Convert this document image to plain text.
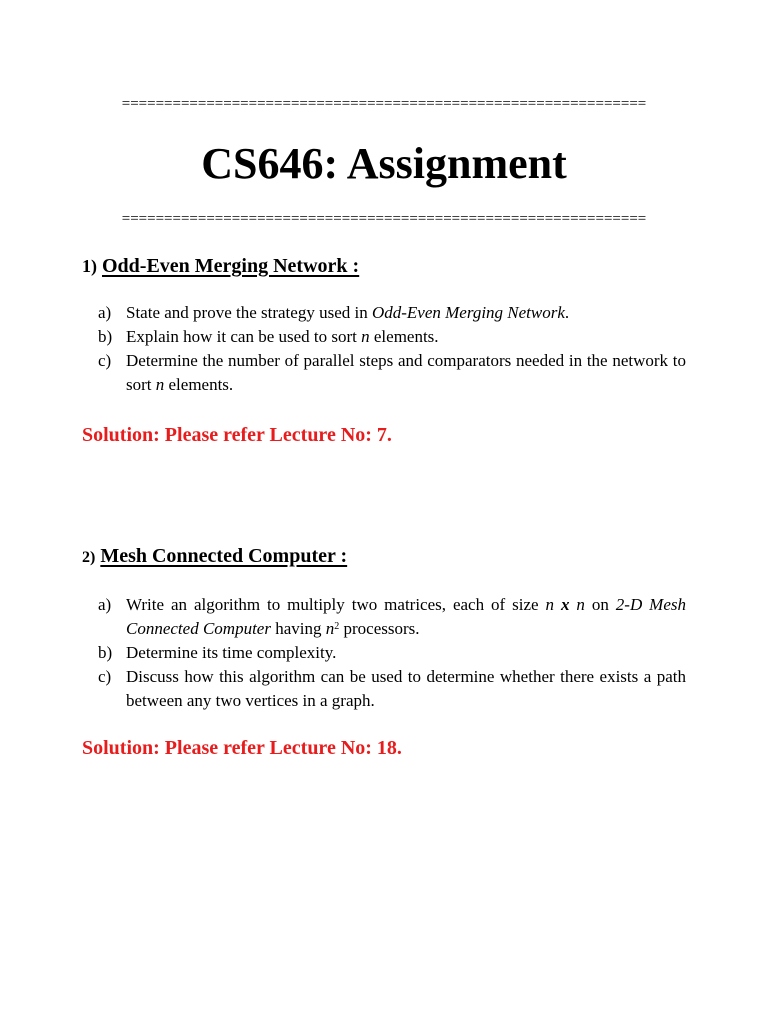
==============================================================
CS646: Assignment
==============================================================
1) Odd-Even Merging Network :
a) State and prove the strategy used in Odd-Even Merging Network.
b) Explain how it can be used to sort n elements.
c) Determine the number of parallel steps and comparators needed in the network to sort n elements.
Solution: Please refer Lecture No: 7.
2) Mesh Connected Computer :
a) Write an algorithm to multiply two matrices, each of size n x n on 2-D Mesh Connected Computer having $n^2$ processors.
b) Determine its time complexity.
c) Discuss how this algorithm can be used to determine whether there exists a path between any two vertices in a graph.
Solution: Please refer Lecture No: 18.
